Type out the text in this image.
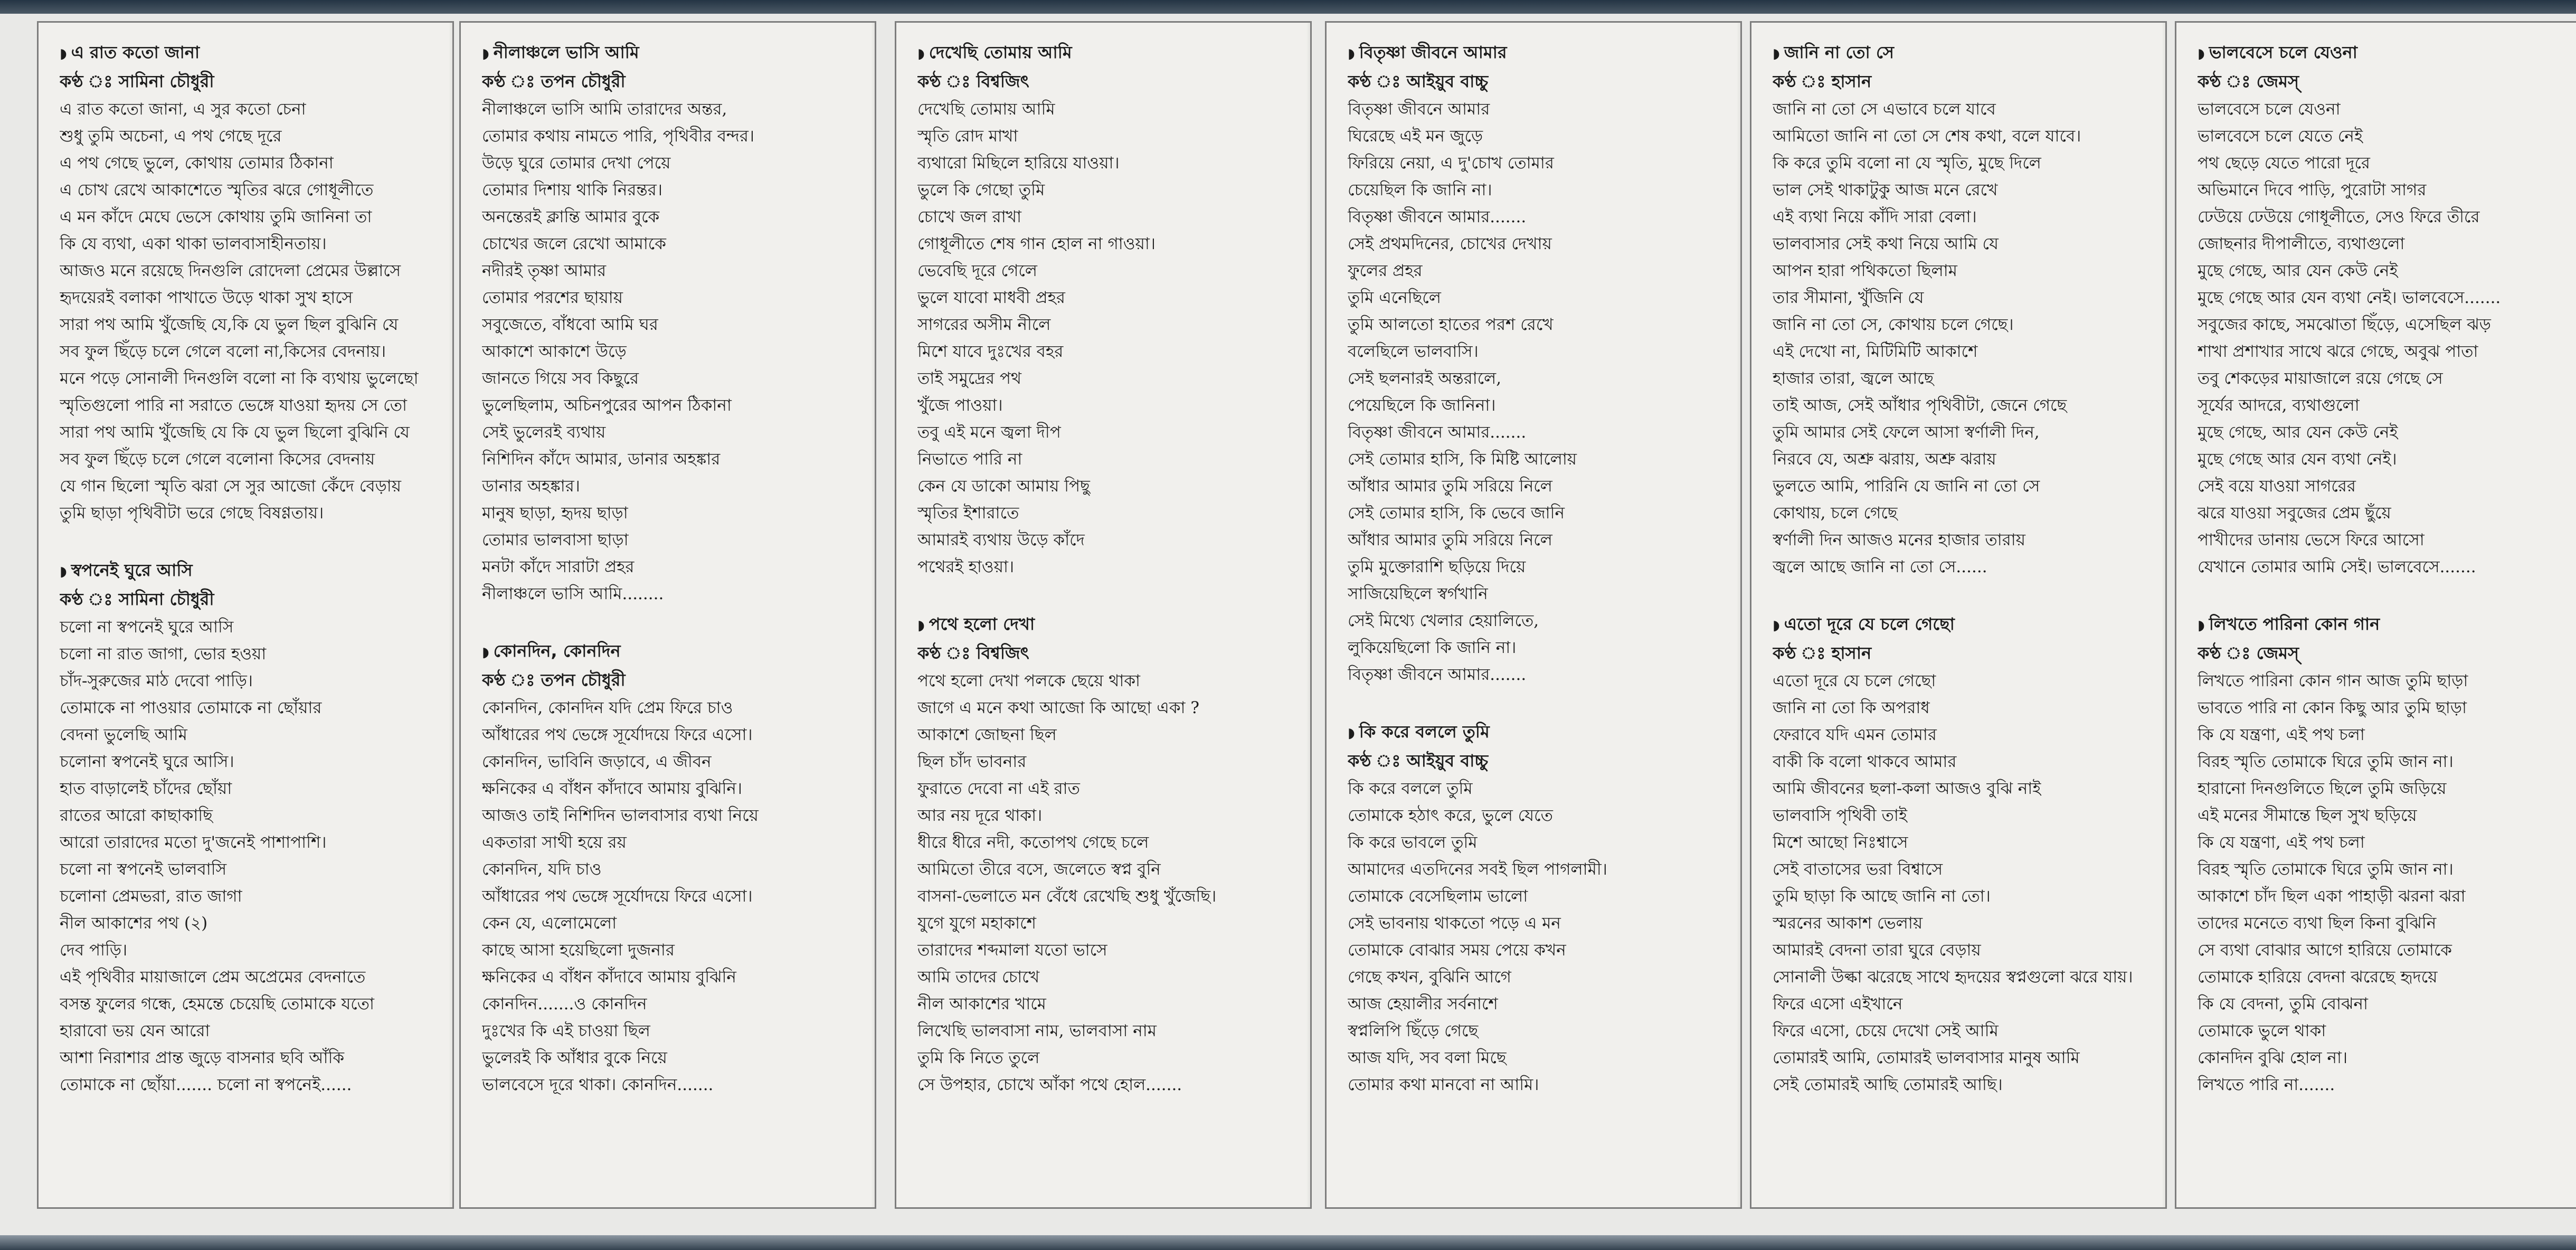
◗ এ রাত কতো জানা
কণ্ঠ ঃ সামিনা চৌধুরী
এ রাত কতো জানা, এ সুর কতো চেনা
শুধু তুমি অচেনা, এ পথ গেছে দূরে
এ পথ গেছে ভুলে, কোথায় তোমার ঠিকানা
এ চোখ রেখে আকাশেতে স্মৃতির ঝরে গোধূলীতে
এ মন কাঁদে মেঘে ভেসে কোথায় তুমি জানিনা তা
কি যে ব্যথা, একা থাকা ভালবাসাহীনতায়।
আজও মনে রয়েছে দিনগুলি রোদেলা প্রেমের উল্লাসে
হৃদয়েরই বলাকা পাখাতে উড়ে থাকা সুখ হাসে
সারা পথ আমি খুঁজেছি যে,কি যে ভুল ছিল বুঝিনি যে
সব ফুল ছিঁড়ে চলে গেলে বলো না,কিসের বেদনায়।
মনে পড়ে সোনালী দিনগুলি বলো না কি ব্যথায় ভুলেছো
স্মৃতিগুলো পারি না সরাতে ভেঙ্গে যাওয়া হৃদয় সে তো
সারা পথ আমি খুঁজেছি যে কি যে ভুল ছিলো বুঝিনি যে
সব ফুল ছিঁড়ে চলে গেলে বলোনা কিসের বেদনায়
যে গান ছিলো স্মৃতি ঝরা সে সুর আজো কেঁদে বেড়ায়
তুমি ছাড়া পৃথিবীটা ভরে গেছে বিষণ্ণতায়।
◗ স্বপনেই ঘুরে আসি
কণ্ঠ ঃ সামিনা চৌধুরী
চলো না স্বপনেই ঘুরে আসি
চলো না রাত জাগা, ভোর হওয়া
চাঁদ-সুরুজের মাঠ দেবো পাড়ি।
তোমাকে না পাওয়ার তোমাকে না ছোঁয়ার
বেদনা ভুলেছি আমি
চলোনা স্বপনেই ঘুরে আসি।
হাত বাড়ালেই চাঁদের ছোঁয়া
রাতের আরো কাছাকাছি
আরো তারাদের মতো দু'জনেই পাশাপাশি।
চলো না স্বপনেই ভালবাসি
চলোনা প্রেমভরা, রাত জাগা
নীল আকাশের পথ (২)
দেব পাড়ি।
এই পৃথিবীর মায়াজালে প্রেম অপ্রেমের বেদনাতে
বসন্ত ফুলের গন্ধে, হেমন্তে চেয়েছি তোমাকে যতো
হারাবো ভয় যেন আরো
আশা নিরাশার প্রান্ত জুড়ে বাসনার ছবি আঁকি
তোমাকে না ছোঁয়া....... চলো না স্বপনেই......
◗ নীলাঞ্চলে ভাসি আমি
কণ্ঠ ঃ তপন চৌধুরী
নীলাঞ্চলে ভাসি আমি তারাদের অন্তর,
তোমার কথায় নামতে পারি, পৃথিবীর বন্দর।
উড়ে ঘুরে তোমার দেখা পেয়ে
তোমার দিশায় থাকি নিরন্তর।
অনন্তেরই ক্লান্তি আমার বুকে
চোখের জলে রেখো আমাকে
নদীরই তৃষ্ণা আমার
তোমার পরশের ছায়ায়
সবুজেতে, বাঁধবো আমি ঘর
আকাশে আকাশে উড়ে
জানতে গিয়ে সব কিছুরে
ভুলেছিলাম, অচিনপুরের আপন ঠিকানা
সেই ভুলেরই ব্যথায়
নিশিদিন কাঁদে আমার, ডানার অহঙ্কার
ডানার অহঙ্কার।
মানুষ ছাড়া, হৃদয় ছাড়া
তোমার ভালবাসা ছাড়া
মনটা কাঁদে সারাটা প্রহর
নীলাঞ্চলে ভাসি আমি........
◗ কোনদিন, কোনদিন
কণ্ঠ ঃ তপন চৌধুরী
কোনদিন, কোনদিন যদি প্রেম ফিরে চাও
আঁধারের পথ ভেঙ্গে সূর্যোদয়ে ফিরে এসো।
কোনদিন, ভাবিনি জড়াবে, এ জীবন
ক্ষনিকের এ বাঁধন কাঁদাবে আমায় বুঝিনি।
আজও তাই নিশিদিন ভালবাসার ব্যথা নিয়ে
একতারা সাথী হয়ে রয়
কোনদিন, যদি চাও
আঁধারের পথ ভেঙ্গে সূর্যোদয়ে ফিরে এসো।
কেন যে, এলোমেলো
কাছে আসা হয়েছিলো দুজনার
ক্ষনিকের এ বাঁধন কাঁদাবে আমায় বুঝিনি
কোনদিন.......ও কোনদিন
দুঃখের কি এই চাওয়া ছিল
ভুলেরই কি আঁধার বুকে নিয়ে
ভালবেসে দূরে থাকা। কোনদিন.......
◗ দেখেছি তোমায় আমি
কণ্ঠ ঃ বিশ্বজিৎ
দেখেছি তোমায় আমি
স্মৃতি রোদ মাখা
ব্যথারো মিছিলে হারিয়ে যাওয়া।
ভুলে কি গেছো তুমি
চোখে জল রাখা
গোধূলীতে শেষ গান হোল না গাওয়া।
ভেবেছি দূরে গেলে
ভুলে যাবো মাধবী প্রহর
সাগরের অসীম নীলে
মিশে যাবে দুঃখের বহর
তাই সমুদ্রের পথ
খুঁজে পাওয়া।
তবু এই মনে জ্বলা দীপ
নিভাতে পারি না
কেন যে ডাকো আমায় পিছু
স্মৃতির ইশারাতে
আমারই ব্যথায় উড়ে কাঁদে
পথেরই হাওয়া।
◗ পথে হলো দেখা
কণ্ঠ ঃ বিশ্বজিৎ
পথে হলো দেখা পলকে ছেয়ে থাকা
জাগে এ মনে কথা আজো কি আছো একা ?
আকাশে জোছনা ছিল
ছিল চাঁদ ভাবনার
ফুরাতে দেবো না এই রাত
আর নয় দূরে থাকা।
ধীরে ধীরে নদী, কতোপথ গেছে চলে
আমিতো তীরে বসে, জলেতে স্বপ্ন বুনি
বাসনা-ভেলাতে মন বেঁধে রেখেছি শুধু খুঁজেছি।
যুগে যুগে মহাকাশে
তারাদের শব্দমালা যতো ভাসে
আমি তাদের চোখে
নীল আকাশের খামে
লিখেছি ভালবাসা নাম, ভালবাসা নাম
তুমি কি নিতে তুলে
সে উপহার, চোখে আঁকা পথে হোল.......
◗ বিতৃষ্ণা জীবনে আমার
কণ্ঠ ঃ আইয়ুব বাচ্চু
বিতৃষ্ণা জীবনে আমার
ঘিরেছে এই মন জুড়ে
ফিরিয়ে নেয়া, এ দু'চোখ তোমার
চেয়েছিল কি জানি না।
বিতৃষ্ণা জীবনে আমার.......
সেই প্রথমদিনের, চোখের দেখায়
ফুলের প্রহর
তুমি এনেছিলে
তুমি আলতো হাতের পরশ রেখে
বলেছিলে ভালবাসি।
সেই ছলনারই অন্তরালে,
পেয়েছিলে কি জানিনা।
বিতৃষ্ণা জীবনে আমার.......
সেই তোমার হাসি, কি মিষ্টি আলোয়
আঁধার আমার তুমি সরিয়ে নিলে
সেই তোমার হাসি, কি ভেবে জানি
আঁধার আমার তুমি সরিয়ে নিলে
তুমি মুক্তোরাশি ছড়িয়ে দিয়ে
সাজিয়েছিলে স্বর্গখানি
সেই মিথ্যে খেলার হেয়ালিতে,
লুকিয়েছিলো কি জানি না।
বিতৃষ্ণা জীবনে আমার.......
◗ কি করে বললে তুমি
কণ্ঠ ঃ আইয়ুব বাচ্চু
কি করে বললে তুমি
তোমাকে হঠাৎ করে, ভুলে যেতে
কি করে ভাবলে তুমি
আমাদের এতদিনের সবই ছিল পাগলামী।
তোমাকে বেসেছিলাম ভালো
সেই ভাবনায় থাকতো পড়ে এ মন
তোমাকে বোঝার সময় পেয়ে কখন
গেছে কখন, বুঝিনি আগে
আজ হেয়ালীর সর্বনাশে
স্বপ্নলিপি ছিঁড়ে গেছে
আজ যদি, সব বলা মিছে
তোমার কথা মানবো না আমি।
◗ জানি না তো সে
কণ্ঠ ঃ হাসান
জানি না তো সে এভাবে চলে যাবে
আমিতো জানি না তো সে শেষ কথা, বলে যাবে।
কি করে তুমি বলো না যে স্মৃতি, মুছে দিলে
ভাল সেই থাকাটুকু আজ মনে রেখে
এই ব্যথা নিয়ে কাঁদি সারা বেলা।
ভালবাসার সেই কথা নিয়ে আমি যে
আপন হারা পথিকতো ছিলাম
তার সীমানা, খুঁজিনি যে
জানি না তো সে, কোথায় চলে গেছে।
এই দেখো না, মিটিমিটি আকাশে
হাজার তারা, জ্বলে আছে
তাই আজ, সেই আঁধার পৃথিবীটা, জেনে গেছে
তুমি আমার সেই ফেলে আসা স্বর্ণালী দিন,
নিরবে যে, অশ্রু ঝরায়, অশ্রু ঝরায়
ভুলতে আমি, পারিনি যে জানি না তো সে
কোথায়, চলে গেছে
স্বর্ণালী দিন আজও মনের হাজার তারায়
জ্বলে আছে জানি না তো সে......
◗ এতো দূরে যে চলে গেছো
কণ্ঠ ঃ হাসান
এতো দূরে যে চলে গেছো
জানি না তো কি অপরাধ
ফেরাবে যদি এমন তোমার
বাকী কি বলো থাকবে আমার
আমি জীবনের ছলা-কলা আজও বুঝি নাই
ভালবাসি পৃথিবী তাই
মিশে আছো নিঃশ্বাসে
সেই বাতাসের ভরা বিশ্বাসে
তুমি ছাড়া কি আছে জানি না তো।
স্মরনের আকাশ ভেলায়
আমারই বেদনা তারা ঘুরে বেড়ায়
সোনালী উল্কা ঝরেছে সাথে হৃদয়ের স্বপ্নগুলো ঝরে যায়।
ফিরে এসো এইখানে
ফিরে এসো, চেয়ে দেখো সেই আমি
তোমারই আমি, তোমারই ভালবাসার মানুষ আমি
সেই তোমারই আছি তোমারই আছি।
◗ ভালবেসে চলে যেওনা
কণ্ঠ ঃ জেমস্
ভালবেসে চলে যেওনা
ভালবেসে চলে যেতে নেই
পথ ছেড়ে যেতে পারো দূরে
অভিমানে দিবে পাড়ি, পুরোটা সাগর
ঢেউয়ে ঢেউয়ে গোধূলীতে, সেও ফিরে তীরে
জোছনার দীপালীতে, ব্যথাগুলো
মুছে গেছে, আর যেন কেউ নেই
মুছে গেছে আর যেন ব্যথা নেই। ভালবেসে.......
সবুজের কাছে, সমঝোতা ছিঁড়ে, এসেছিল ঝড়
শাখা প্রশাখার সাথে ঝরে গেছে, অবুঝ পাতা
তবু শেকড়ের মায়াজালে রয়ে গেছে সে
সূর্যের আদরে, ব্যথাগুলো
মুছে গেছে, আর যেন কেউ নেই
মুছে গেছে আর যেন ব্যথা নেই।
সেই বয়ে যাওয়া সাগরের
ঝরে যাওয়া সবুজের প্রেম ছুঁয়ে
পাখীদের ডানায় ভেসে ফিরে আসো
যেখানে তোমার আমি সেই। ভালবেসে.......
◗ লিখতে পারিনা কোন গান
কণ্ঠ ঃ জেমস্
লিখতে পারিনা কোন গান আজ তুমি ছাড়া
ভাবতে পারি না কোন কিছু আর তুমি ছাড়া
কি যে যন্ত্রণা, এই পথ চলা
বিরহ স্মৃতি তোমাকে ঘিরে তুমি জান না।
হারানো দিনগুলিতে ছিলে তুমি জড়িয়ে
এই মনের সীমান্তে ছিল সুখ ছড়িয়ে
কি যে যন্ত্রণা, এই পথ চলা
বিরহ স্মৃতি তোমাকে ঘিরে তুমি জান না।
আকাশে চাঁদ ছিল একা পাহাড়ী ঝরনা ঝরা
তাদের মনেতে ব্যথা ছিল কিনা বুঝিনি
সে ব্যথা বোঝার আগে হারিয়ে তোমাকে
তোমাকে হারিয়ে বেদনা ঝরেছে হৃদয়ে
কি যে বেদনা, তুমি বোঝনা
তোমাকে ভুলে থাকা
কোনদিন বুঝি হোল না।
লিখতে পারি না.......
